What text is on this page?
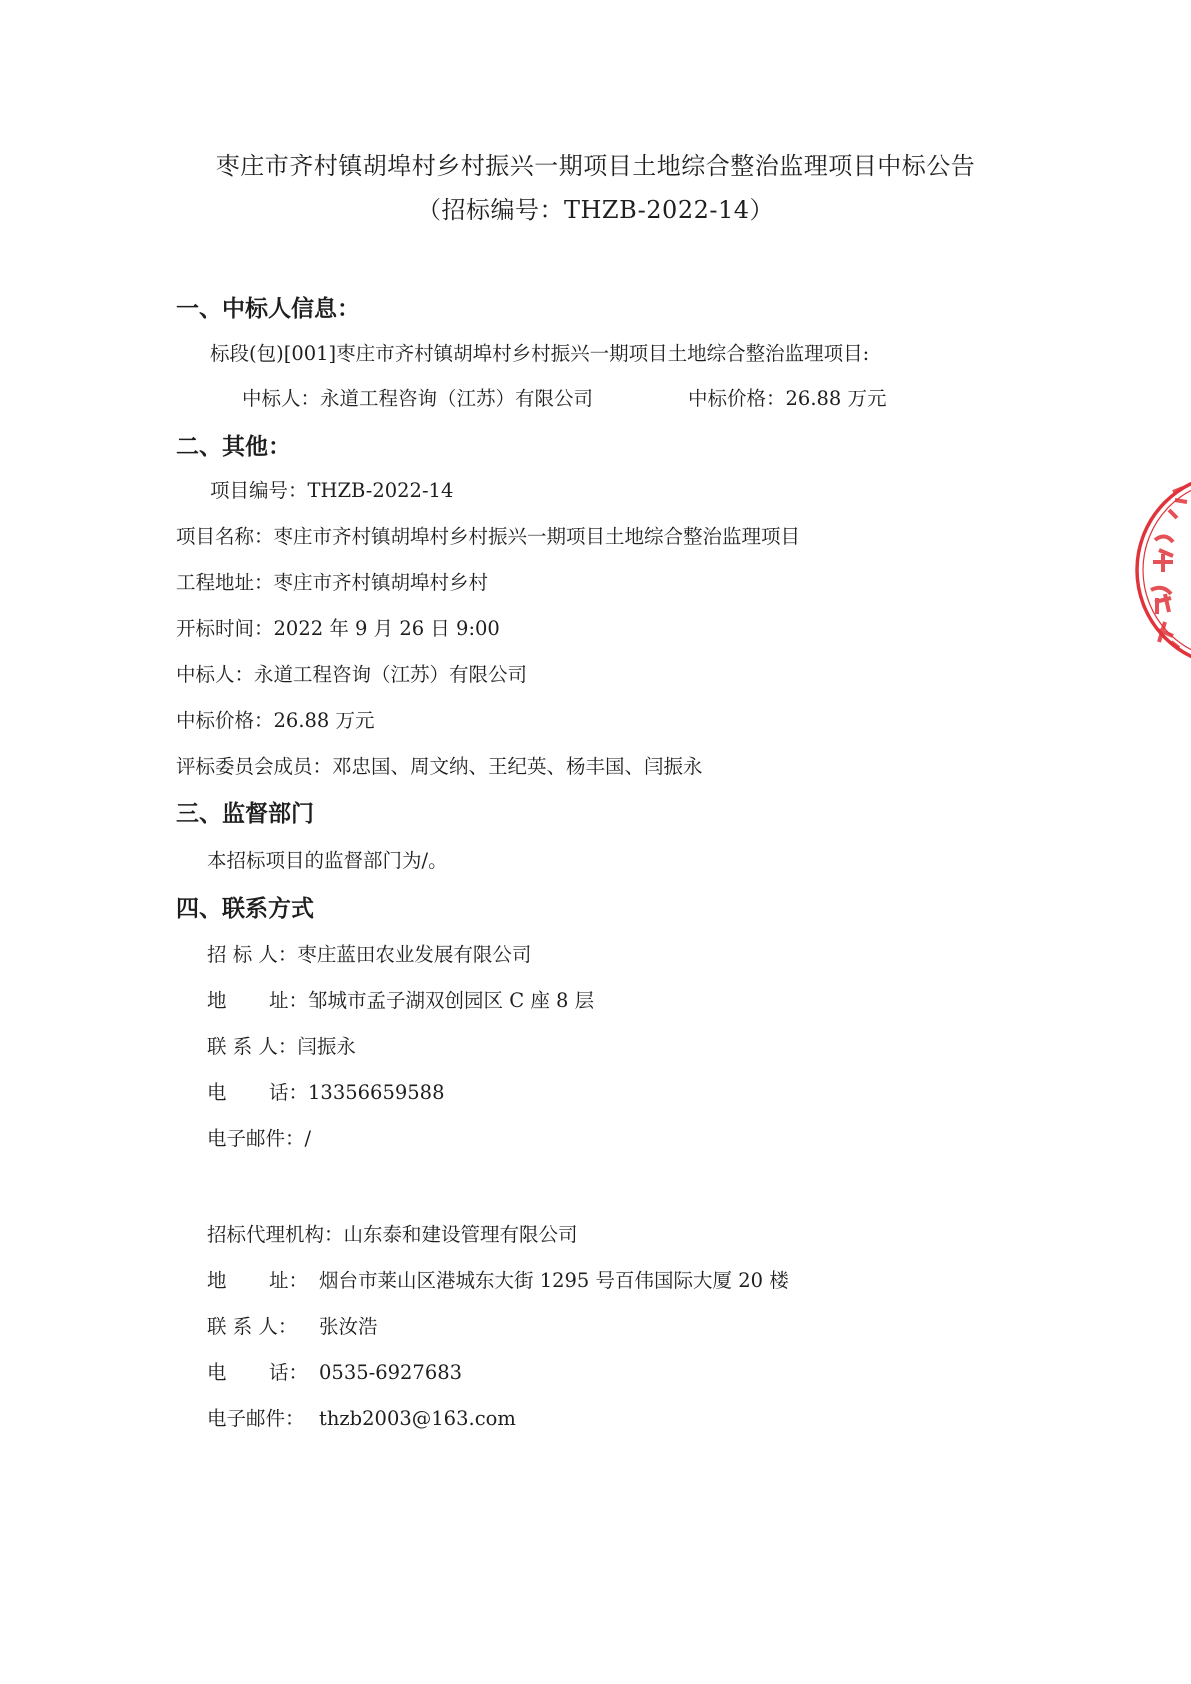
枣庄市齐村镇胡埠村乡村振兴一期项目土地综合整治监理项目中标公告
（招标编号：THZB-2022-14）
一、中标人信息：
标段(包)[001]枣庄市齐村镇胡埠村乡村振兴一期项目土地综合整治监理项目:
中标人：永道工程咨询（江苏）有限公司	中标价格：26.88 万元
二、其他：
项目编号：THZB-2022-14
项目名称：枣庄市齐村镇胡埠村乡村振兴一期项目土地综合整治监理项目
工程地址：枣庄市齐村镇胡埠村乡村
开标时间：2022 年 9 月 26 日 9:00
中标人：永道工程咨询（江苏）有限公司
中标价格：26.88 万元
评标委员会成员：邓忠国、周文纳、王纪英、杨丰国、闫振永
三、监督部门
本招标项目的监督部门为/。
四、联系方式
招 标 人：枣庄蓝田农业发展有限公司
地 址：邹城市孟子湖双创园区 C 座 8 层
联 系 人：闫振永
电 话：13356659588
电子邮件：/
招标代理机构：山东泰和建设管理有限公司
地 址： 烟台市莱山区港城东大街 1295 号百伟国际大厦 20 楼
联 系 人： 张汝浩
电 话： 0535-6927683
电子邮件： thzb2003@163.com
